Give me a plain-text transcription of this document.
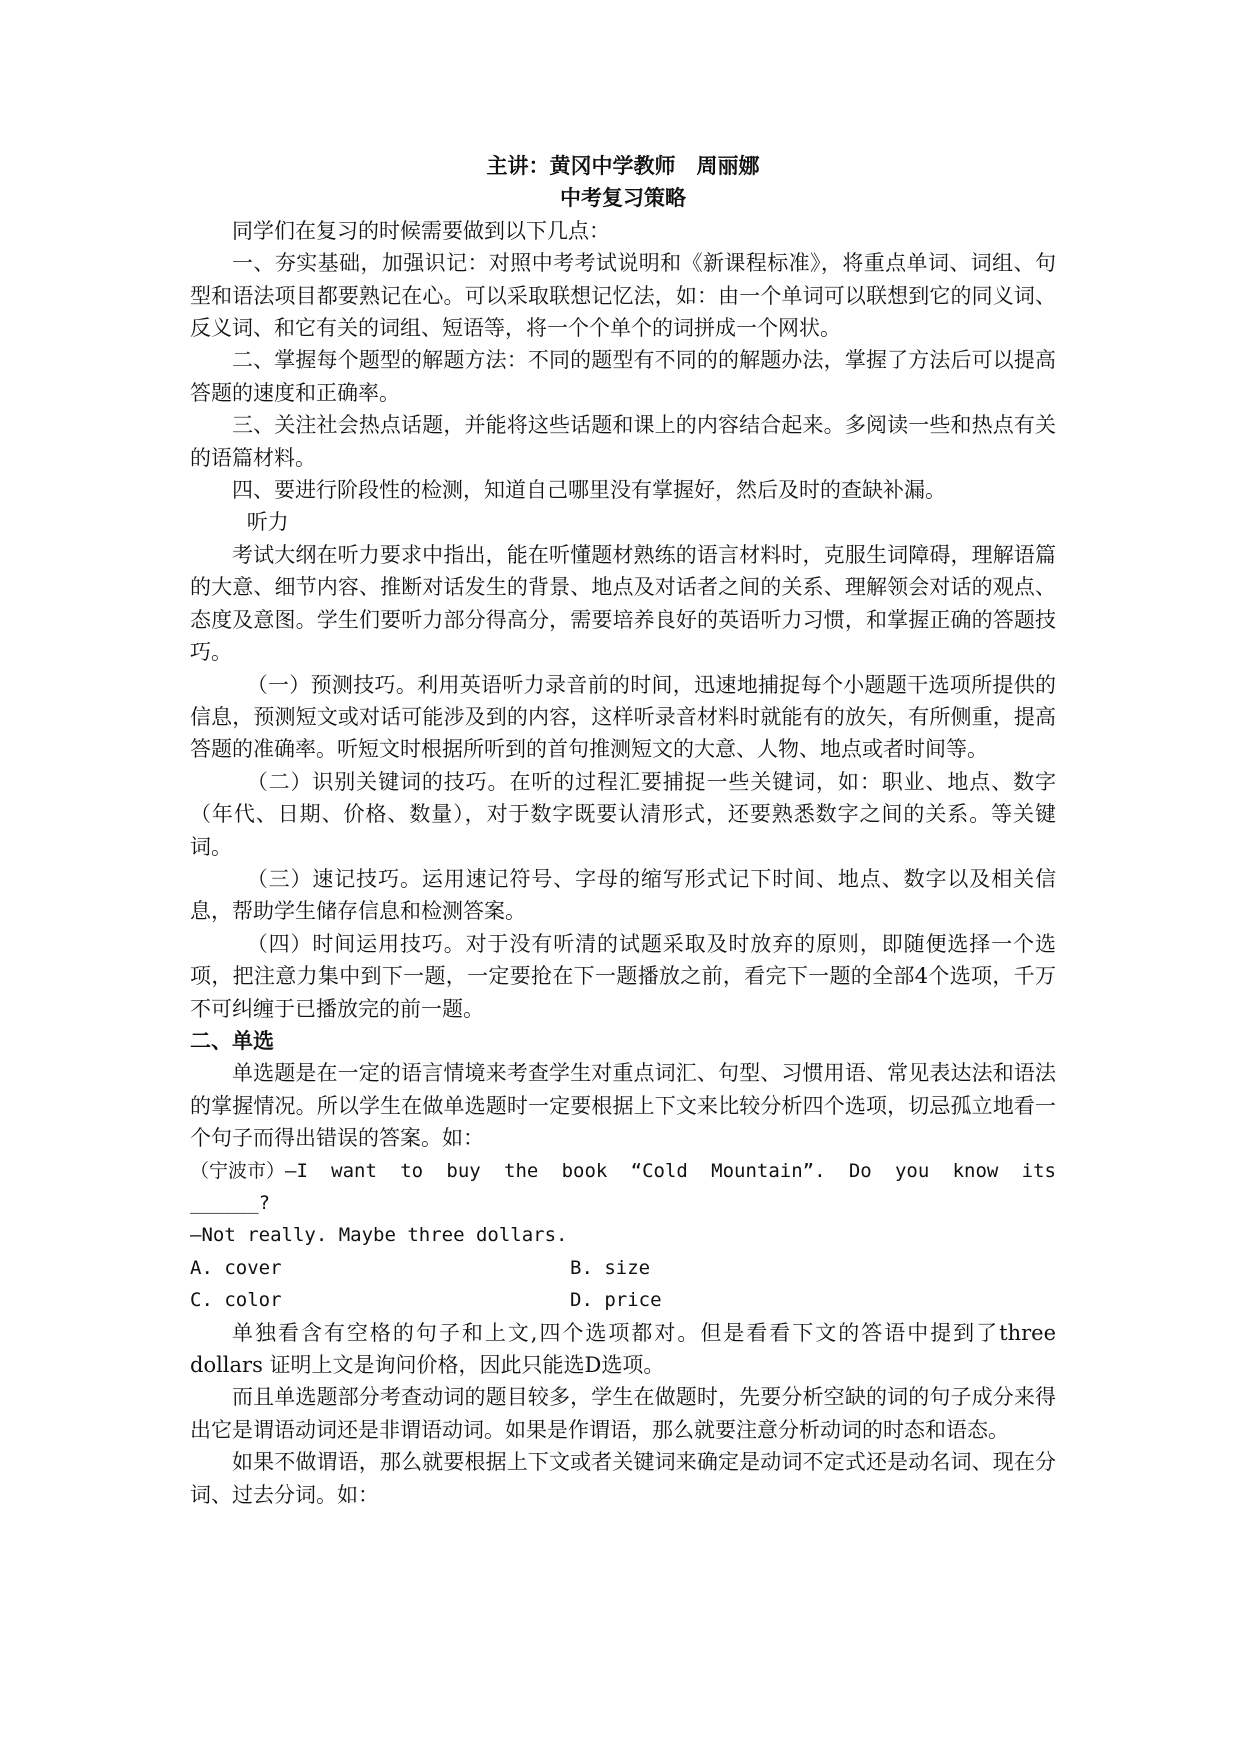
主讲：黄冈中学教师　周丽娜

中考复习策略

同学们在复习的时候需要做到以下几点：

一、夯实基础，加强识记：对照中考考试说明和《新课程标准》，将重点单词、词组、句型和语法项目都要熟记在心。可以采取联想记忆法，如：由一个单词可以联想到它的同义词、反义词、和它有关的词组、短语等，将一个个单个的词拼成一个网状。

二、掌握每个题型的解题方法：不同的题型有不同的的解题办法，掌握了方法后可以提高答题的速度和正确率。

三、关注社会热点话题，并能将这些话题和课上的内容结合起来。多阅读一些和热点有关的语篇材料。

四、要进行阶段性的检测，知道自己哪里没有掌握好，然后及时的查缺补漏。

听力

考试大纲在听力要求中指出，能在听懂题材熟练的语言材料时，克服生词障碍，理解语篇的大意、细节内容、推断对话发生的背景、地点及对话者之间的关系、理解领会对话的观点、态度及意图。学生们要听力部分得高分，需要培养良好的英语听力习惯，和掌握正确的答题技巧。

（一）预测技巧。利用英语听力录音前的时间，迅速地捕捉每个小题题干选项所提供的信息，预测短文或对话可能涉及到的内容，这样听录音材料时就能有的放矢，有所侧重，提高答题的准确率。听短文时根据所听到的首句推测短文的大意、人物、地点或者时间等。

（二）识别关键词的技巧。在听的过程汇要捕捉一些关键词，如：职业、地点、数字（年代、日期、价格、数量），对于数字既要认清形式，还要熟悉数字之间的关系。等关键词。

（三）速记技巧。运用速记符号、字母的缩写形式记下时间、地点、数字以及相关信息，帮助学生储存信息和检测答案。

（四）时间运用技巧。对于没有听清的试题采取及时放弃的原则，即随便选择一个选项，把注意力集中到下一题，一定要抢在下一题播放之前，看完下一题的全部4个选项，千万不可纠缠于已播放完的前一题。

二、单选

单选题是在一定的语言情境来考查学生对重点词汇、句型、习惯用语、常见表达法和语法的掌握情况。所以学生在做单选题时一定要根据上下文来比较分析四个选项，切忌孤立地看一个句子而得出错误的答案。如：

（宁波市）—I want to buy the book “Cold Mountain”. Do you know its

______?

—Not really. Maybe three dollars.

A. cover	B. size
C. color	D. price

单独看含有空格的句子和上文,四个选项都对。但是看看下文的答语中提到了three dollars 证明上文是询问价格，因此只能选D选项。

而且单选题部分考查动词的题目较多，学生在做题时，先要分析空缺的词的句子成分来得出它是谓语动词还是非谓语动词。如果是作谓语，那么就要注意分析动词的时态和语态。

如果不做谓语，那么就要根据上下文或者关键词来确定是动词不定式还是动名词、现在分词、过去分词。如：
